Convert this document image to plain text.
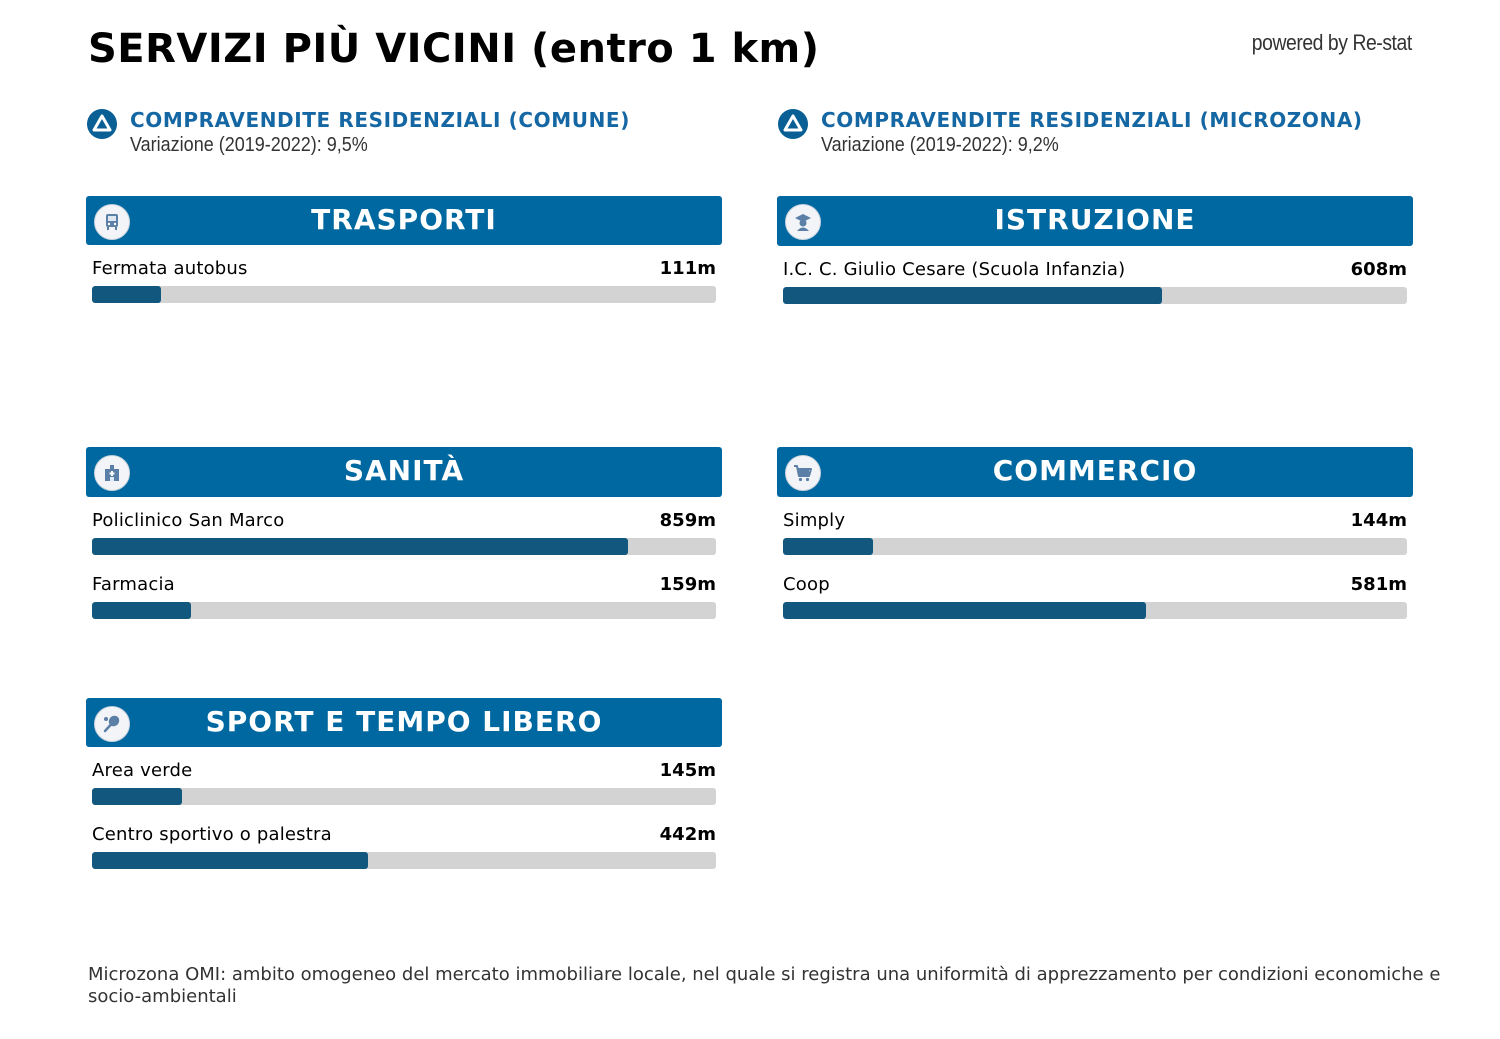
SERVIZI PIÙ VICINI (entro 1 km)	powered by Re-stat
COMPRAVENDITE RESIDENZIALI (COMUNE)
Variazione (2019-2022): 9,5%
COMPRAVENDITE RESIDENZIALI (MICROZONA)
Variazione (2019-2022): 9,2%
TRASPORTI
Fermata autobus	111m
ISTRUZIONE
I.C. C. Giulio Cesare (Scuola Infanzia)	608m
SANITÀ
Policlinico San Marco	859m
Farmacia	159m
COMMERCIO
Simply	144m
Coop	581m
SPORT E TEMPO LIBERO
Area verde	145m
Centro sportivo o palestra	442m
Microzona OMI: ambito omogeneo del mercato immobiliare locale, nel quale si registra una uniformità di apprezzamento per condizioni economiche e socio-ambientali
